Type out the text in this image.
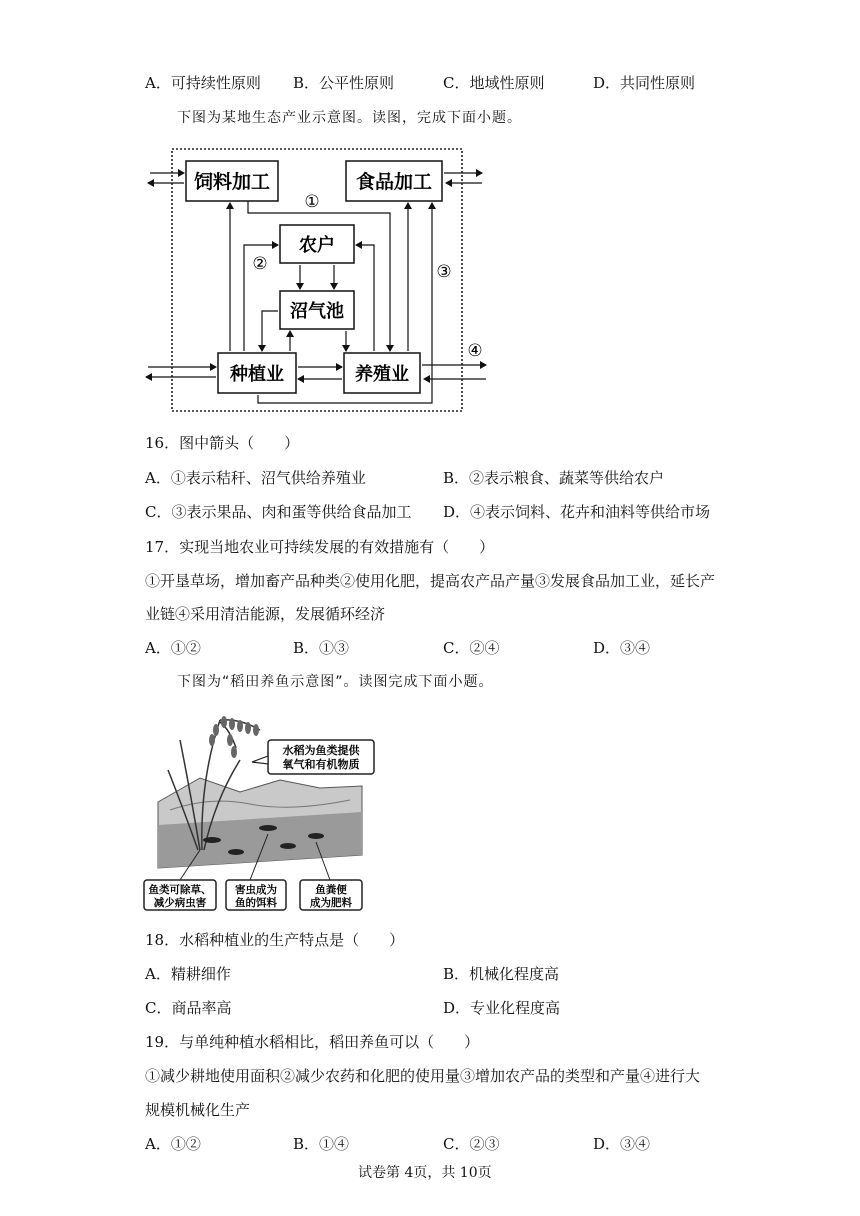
A．可持续性原则 B．公平性原则	C．地域性原则	D．共同性原则
下图为某地生态产业示意图。读图，完成下面小题。
饲料加工	食品加工
农户
沼气池
种植业	养殖业
④
①
③
②
16．图中箭头（　　）
A．①表示秸秆、沼气供给养殖业	B．②表示粮食、蔬菜等供给农户
C．③表示果品、肉和蛋等供给食品加工 D．④表示饲料、花卉和油料等供给市场
17．实现当地农业可持续发展的有效措施有（　　）
①开垦草场，增加畜产品种类②使用化肥，提高农产品产量③发展食品加工业，延长产
业链④采用清洁能源，发展循环经济
A．①②	B．①③	C．②④	D．③④
下图为“稻田养鱼示意图”。读图完成下面小题。
水稻为鱼类提供
氧气和有机物质
鱼类可除草、
减少病虫害
害虫成为
鱼的饵料
鱼粪便
成为肥料
18．水稻种植业的生产特点是（　　）
A．精耕细作	B．机械化程度高
C．商品率高	D．专业化程度高
19．与单纯种植水稻相比，稻田养鱼可以（　　）
①减少耕地使用面积②减少农药和化肥的使用量③增加农产品的类型和产量④进行大
规模机械化生产
A．①②	B．①④	C．②③	D．③④
试卷第 4页，共 10页
